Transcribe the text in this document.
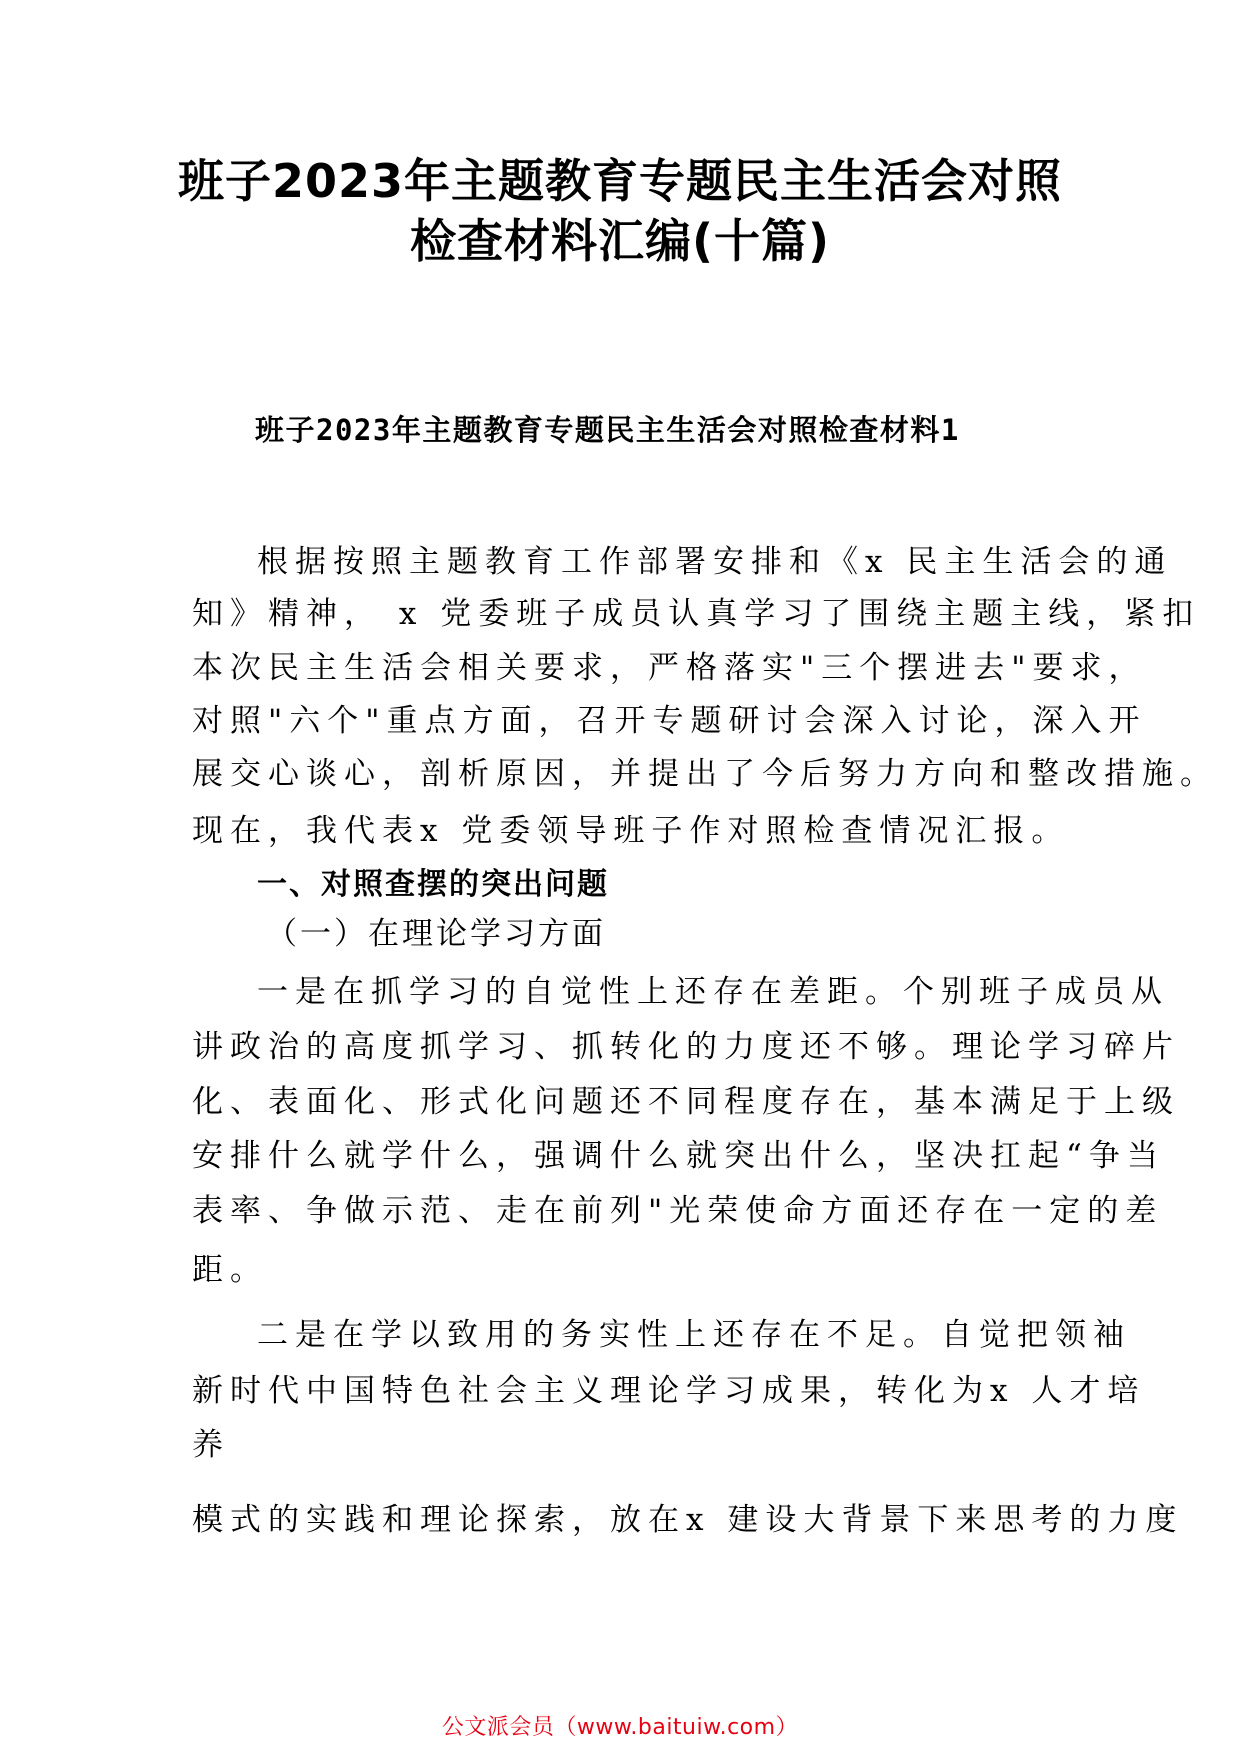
班子2023年主题教育专题民主生活会对照
检查材料汇编(十篇)
班子2023年主题教育专题民主生活会对照检查材料1
根据按照主题教育工作部署安排和《x 民主生活会的通
知》精神， x 党委班子成员认真学习了围绕主题主线，紧扣
本次民主生活会相关要求，严格落实"三个摆进去"要求，
对照"六个"重点方面，召开专题研讨会深入讨论，深入开
展交心谈心，剖析原因，并提出了今后努力方向和整改措施。
现在，我代表x 党委领导班子作对照检查情况汇报。
一、对照查摆的突出问题
（一）在理论学习方面
一是在抓学习的自觉性上还存在差距。个别班子成员从
讲政治的高度抓学习、抓转化的力度还不够。理论学习碎片
化、表面化、形式化问题还不同程度存在，基本满足于上级
安排什么就学什么，强调什么就突出什么，坚决扛起“争当
表率、争做示范、走在前列"光荣使命方面还存在一定的差
距。
二是在学以致用的务实性上还存在不足。自觉把领袖
新时代中国特色社会主义理论学习成果，转化为x 人才培
养
模式的实践和理论探索，放在x 建设大背景下来思考的力度
公文派会员（www.baituiw.com）
